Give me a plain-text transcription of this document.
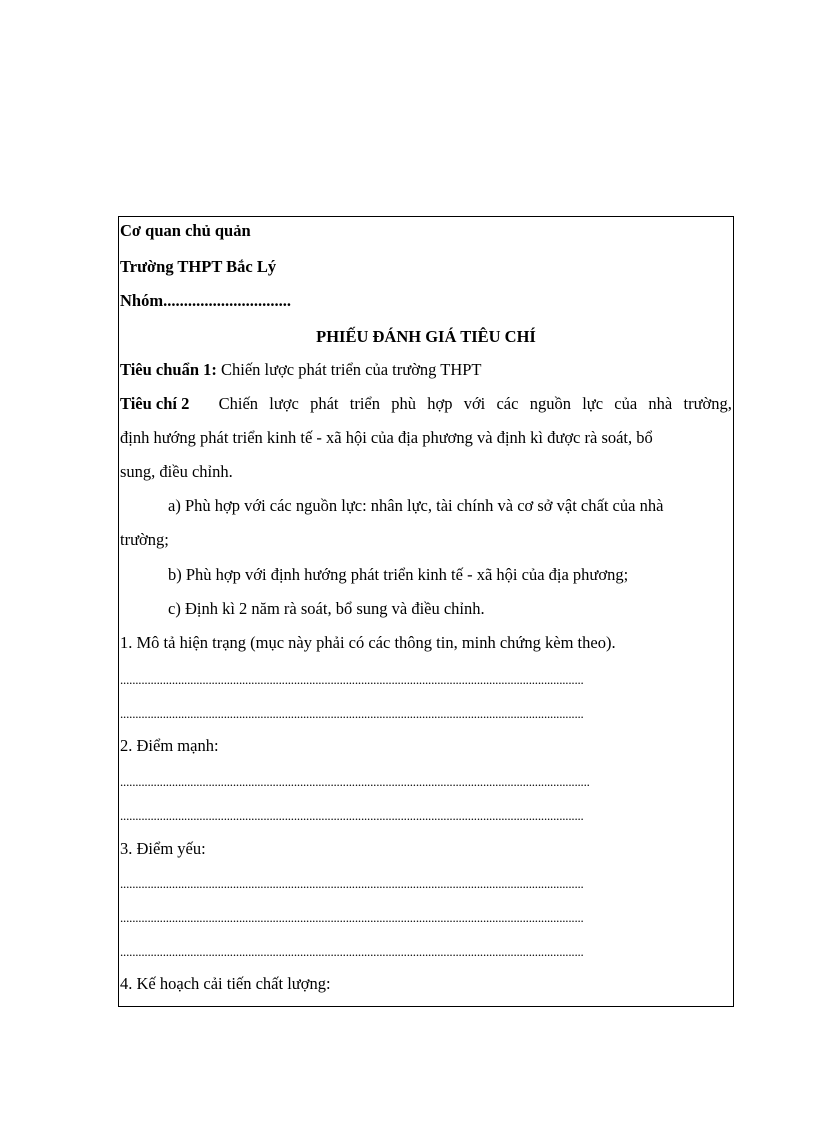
Cơ quan chủ quản
Trường THPT Bắc Lý
Nhóm...............................
PHIẾU ĐÁNH GIÁ TIÊU CHÍ
Tiêu chuẩn 1: Chiến lược phát triển của trường THPT
Tiêu chí 2 Chiến lược phát triển phù hợp với các nguồn lực của nhà trường,
định hướng phát triển kinh tế - xã hội của địa phương và định kì được rà soát, bổ
sung, điều chỉnh.
a) Phù hợp với các nguồn lực: nhân lực, tài chính và cơ sở vật chất của nhà
trường;
b) Phù hợp với định hướng phát triển kinh tế - xã hội của địa phương;
c) Định kì 2 năm rà soát, bổ sung và điều chỉnh.
1. Mô tả hiện trạng (mục này phải có các thông tin, minh chứng kèm theo).
........................................................................................................................................................
........................................................................................................................................................
2. Điểm mạnh:
..........................................................................................................................................................
........................................................................................................................................................
3. Điểm yếu:
........................................................................................................................................................
........................................................................................................................................................
........................................................................................................................................................
4. Kế hoạch cải tiến chất lượng:
